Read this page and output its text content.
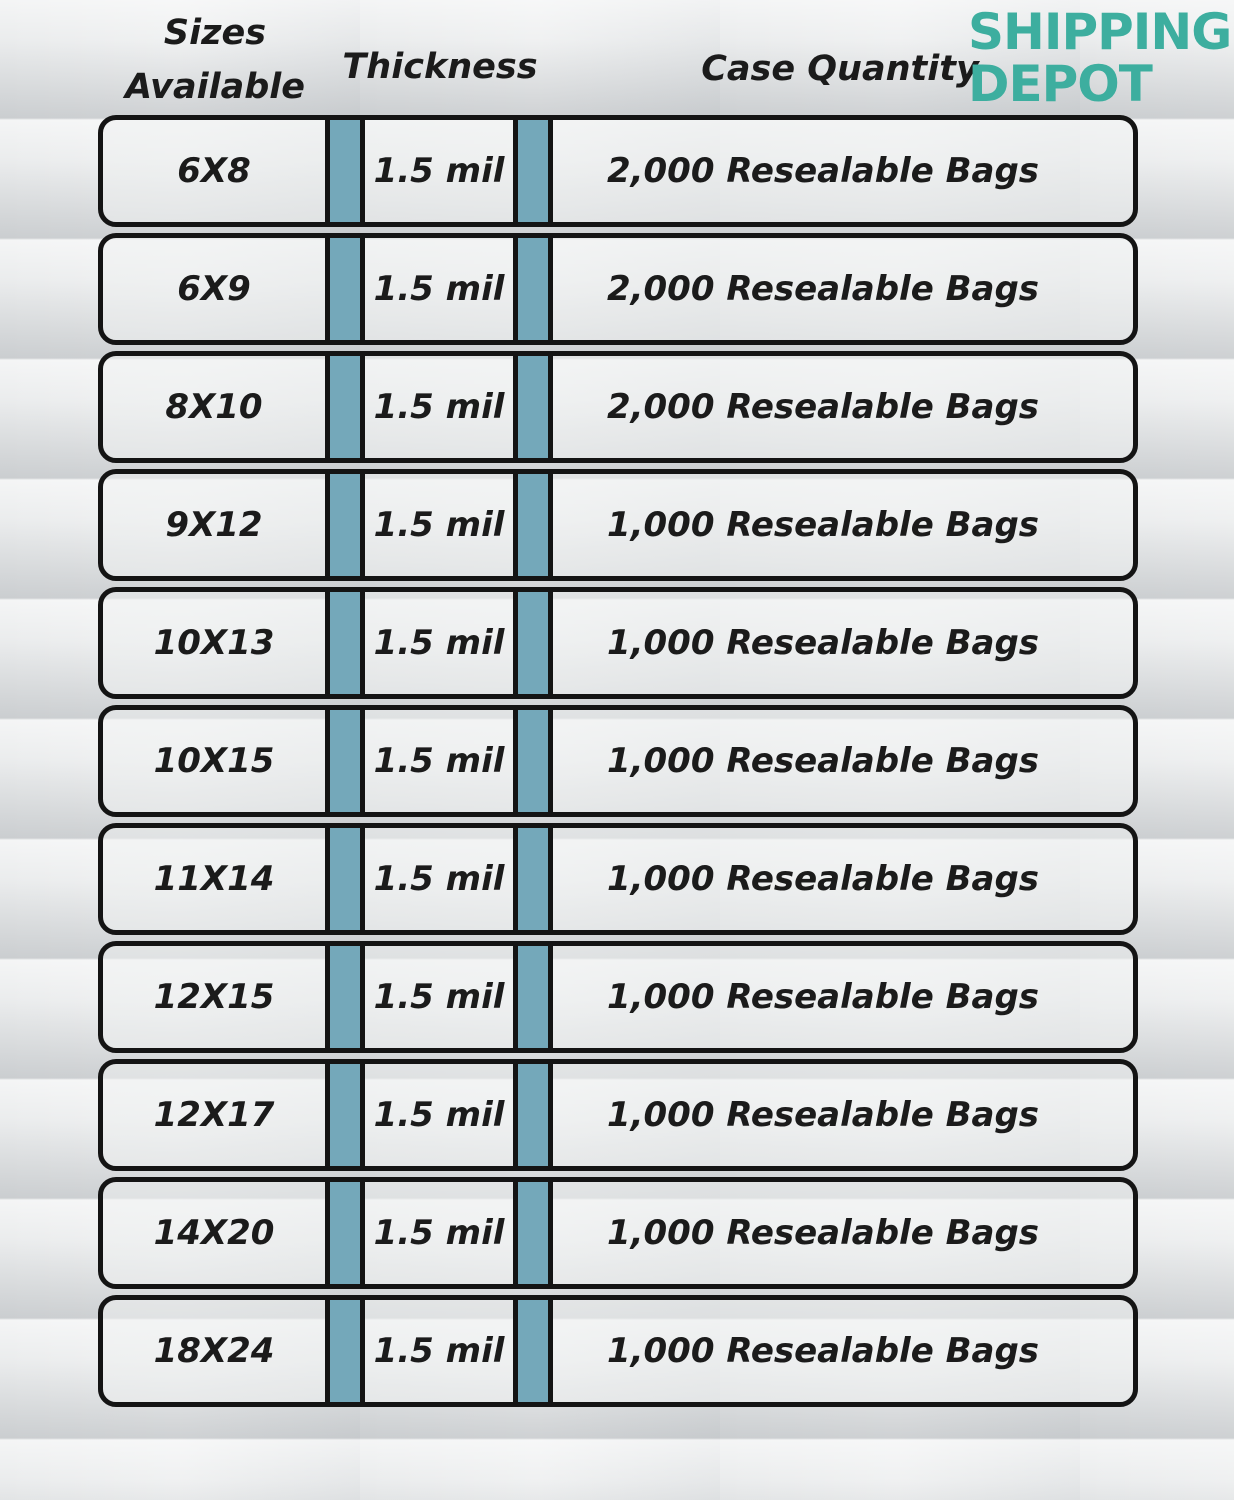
Sizes
Available	Thickness	Case Quantity
SHIPPING
DEPOT
6X8	1.5 mil	2,000 Resealable Bags
6X9	1.5 mil	2,000 Resealable Bags
8X10	1.5 mil	2,000 Resealable Bags
9X12	1.5 mil	1,000 Resealable Bags
10X13	1.5 mil	1,000 Resealable Bags
10X15	1.5 mil	1,000 Resealable Bags
11X14	1.5 mil	1,000 Resealable Bags
12X15	1.5 mil	1,000 Resealable Bags
12X17	1.5 mil	1,000 Resealable Bags
14X20	1.5 mil	1,000 Resealable Bags
18X24	1.5 mil	1,000 Resealable Bags
